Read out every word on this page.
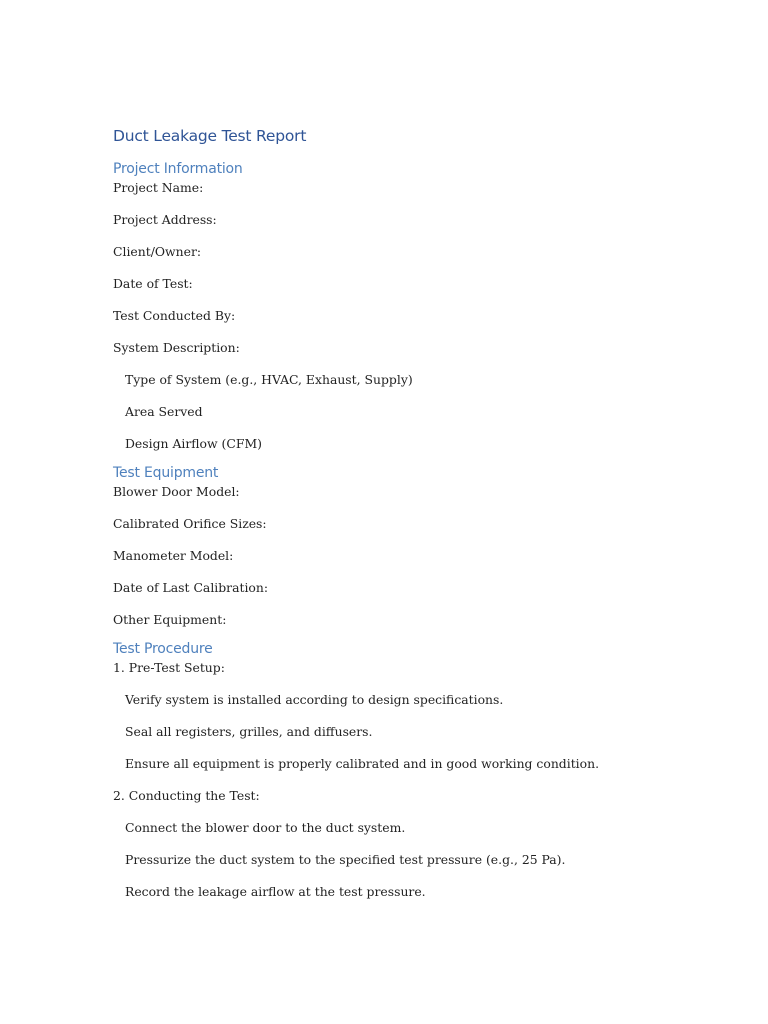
Duct Leakage Test Report
Project Information

Project Name:

Project Address:

Client/Owner:

Date of Test:

Test Conducted By:

System Description:

Type of System (e.g., HVAC, Exhaust, Supply)

Area Served

Design Airflow (CFM)

Test Equipment

Blower Door Model:

Calibrated Orifice Sizes:

Manometer Model:

Date of Last Calibration:

Other Equipment:

Test Procedure

1. Pre-Test Setup:

Verify system is installed according to design specifications.

Seal all registers, grilles, and diffusers.

Ensure all equipment is properly calibrated and in good working condition.

2. Conducting the Test:

Connect the blower door to the duct system.

Pressurize the duct system to the specified test pressure (e.g., 25 Pa).

Record the leakage airflow at the test pressure.
